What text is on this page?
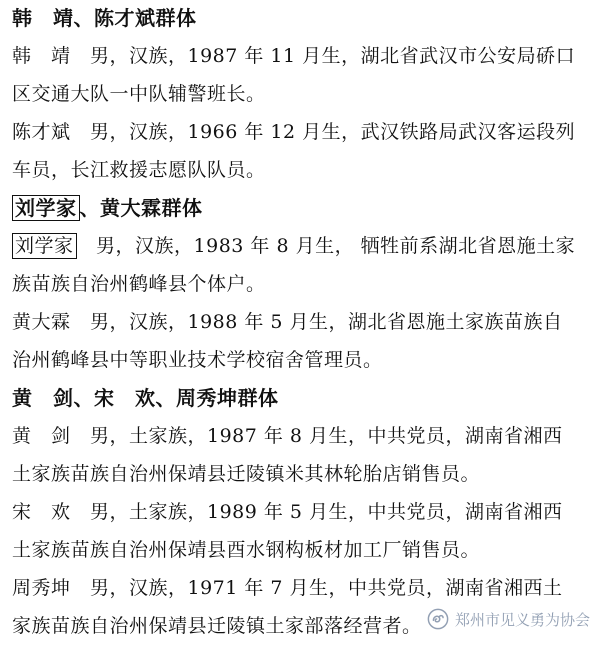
韩　靖、陈才斌群体
韩　靖　男，汉族，1987 年 11 月生，湖北省武汉市公安局硚口
区交通大队一中队辅警班长。
陈才斌　男，汉族，1966 年 12 月生，武汉铁路局武汉客运段列
车员，长江救援志愿队队员。
刘学家 、黄大霖群体
刘学家　男，汉族，1983 年 8 月生， 牺牲前系湖北省恩施土家
族苗族自治州鹤峰县个体户。
黄大霖　男，汉族，1988 年 5 月生，湖北省恩施土家族苗族自
治州鹤峰县中等职业技术学校宿舍管理员。
黄　剑、宋　欢、周秀坤群体
黄　剑　男，土家族，1987 年 8 月生，中共党员，湖南省湘西
土家族苗族自治州保靖县迁陵镇米其林轮胎店销售员。
宋　欢　男，土家族，1989 年 5 月生，中共党员，湖南省湘西
土家族苗族自治州保靖县酉水钢构板材加工厂销售员。
周秀坤　男，汉族，1971 年 7 月生，中共党员，湖南省湘西土
家族苗族自治州保靖县迁陵镇土家部落经营者。	郑州市见义勇为协会
